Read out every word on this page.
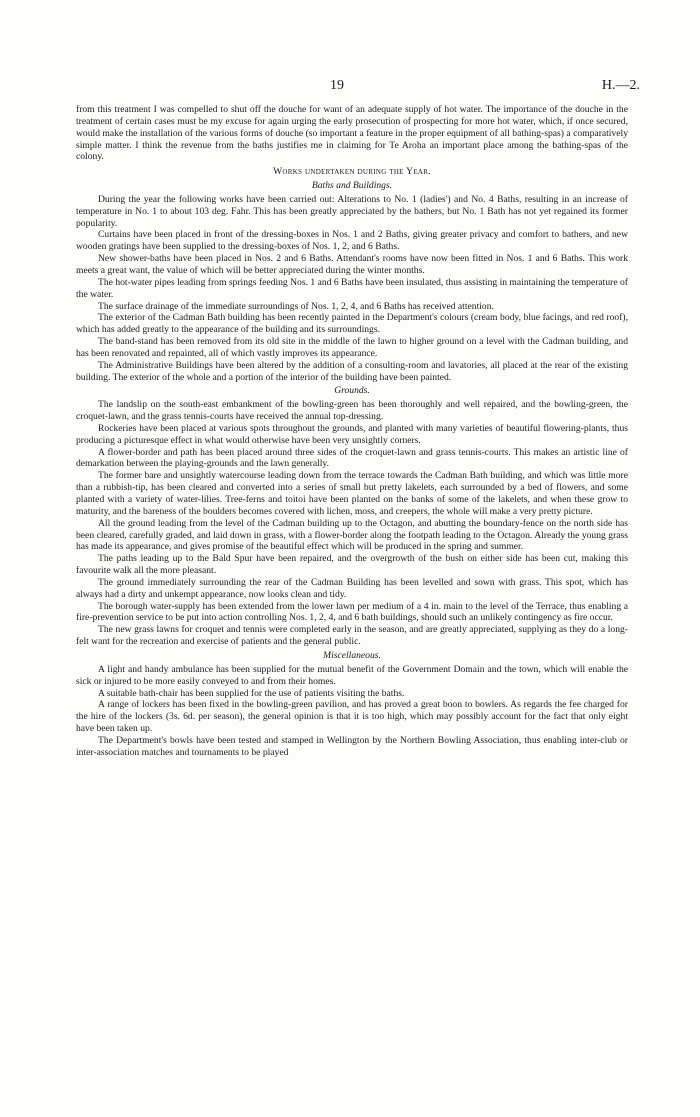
19	H.—2.

from this treatment I was compelled to shut off the douche for want of an adequate supply of hot water. The importance of the douche in the treatment of certain cases must be my excuse for again urging the early prosecution of prospecting for more hot water, which, if once secured, would make the installation of the various forms of douche (so important a feature in the proper equipment of all bathing-spas) a comparatively simple matter. I think the revenue from the baths justifies me in claiming for Te Aroha an important place among the bathing-spas of the colony.

Works undertaken during the Year.
Baths and Buildings.

During the year the following works have been carried out: Alterations to No. 1 (ladies') and No. 4 Baths, resulting in an increase of temperature in No. 1 to about 103 deg. Fahr. This has been greatly appreciated by the bathers, but No. 1 Bath has not yet regained its former popularity.

Curtains have been placed in front of the dressing-boxes in Nos. 1 and 2 Baths, giving greater privacy and comfort to bathers, and new wooden gratings have been supplied to the dressing-boxes of Nos. 1, 2, and 6 Baths.

New shower-baths have been placed in Nos. 2 and 6 Baths. Attendant's rooms have now been fitted in Nos. 1 and 6 Baths. This work meets a great want, the value of which will be better appreciated during the winter months.

The hot-water pipes leading from springs feeding Nos. 1 and 6 Baths have been insulated, thus assisting in maintaining the temperature of the water.

The surface drainage of the immediate surroundings of Nos. 1, 2, 4, and 6 Baths has received attention.

The exterior of the Cadman Bath building has been recently painted in the Department's colours (cream body, blue facings, and red roof), which has added greatly to the appearance of the building and its surroundings.

The band-stand has been removed from its old site in the middle of the lawn to higher ground on a level with the Cadman building, and has been renovated and repainted, all of which vastly improves its appearance.

The Administrative Buildings have been altered by the addition of a consulting-room and lavatories, all placed at the rear of the existing building. The exterior of the whole and a portion of the interior of the building have been painted.

Grounds.

The landslip on the south-east embankment of the bowling-green has been thoroughly and well repaired, and the bowling-green, the croquet-lawn, and the grass tennis-courts have received the annual top-dressing.

Rockeries have been placed at various spots throughout the grounds, and planted with many varieties of beautiful flowering-plants, thus producing a picturesque effect in what would otherwise have been very unsightly corners.

A flower-border and path has been placed around three sides of the croquet-lawn and grass tennis-courts. This makes an artistic line of demarkation between the playing-grounds and the lawn generally.

The former bare and unsightly watercourse leading down from the terrace towards the Cadman Bath building, and which was little more than a rubbish-tip, has been cleared and converted into a series of small but pretty lakelets, each surrounded by a bed of flowers, and some planted with a variety of water-lilies. Tree-ferns and toitoi have been planted on the banks of some of the lakelets, and when these grow to maturity, and the bareness of the boulders becomes covered with lichen, moss, and creepers, the whole will make a very pretty picture.

All the ground leading from the level of the Cadman building up to the Octagon, and abutting the boundary-fence on the north side has been cleared, carefully graded, and laid down in grass, with a flower-border along the footpath leading to the Octagon. Already the young grass has made its appearance, and gives promise of the beautiful effect which will be produced in the spring and summer.

The paths leading up to the Bald Spur have been repaired, and the overgrowth of the bush on either side has been cut, making this favourite walk all the more pleasant.

The ground immediately surrounding the rear of the Cadman Building has been levelled and sown with grass. This spot, which has always had a dirty and unkempt appearance, now looks clean and tidy.

The borough water-supply has been extended from the lower lawn per medium of a 4 in. main to the level of the Terrace, thus enabling a fire-prevention service to be put into action controlling Nos. 1, 2, 4, and 6 bath buildings, should such an unlikely contingency as fire occur.

The new grass lawns for croquet and tennis were completed early in the season, and are greatly appreciated, supplying as they do a long-felt want for the recreation and exercise of patients and the general public.

Miscellaneous.

A light and handy ambulance has been supplied for the mutual benefit of the Government Domain and the town, which will enable the sick or injured to be more easily conveyed to and from their homes.

A suitable bath-chair has been supplied for the use of patients visiting the baths.

A range of lockers has been fixed in the bowling-green pavilion, and has proved a great boon to bowlers. As regards the fee charged for the hire of the lockers (3s. 6d. per season), the general opinion is that it is too high, which may possibly account for the fact that only eight have been taken up.

The Department's bowls have been tested and stamped in Wellington by the Northern Bowling Association, thus enabling inter-club or inter-association matches and tournaments to be played
